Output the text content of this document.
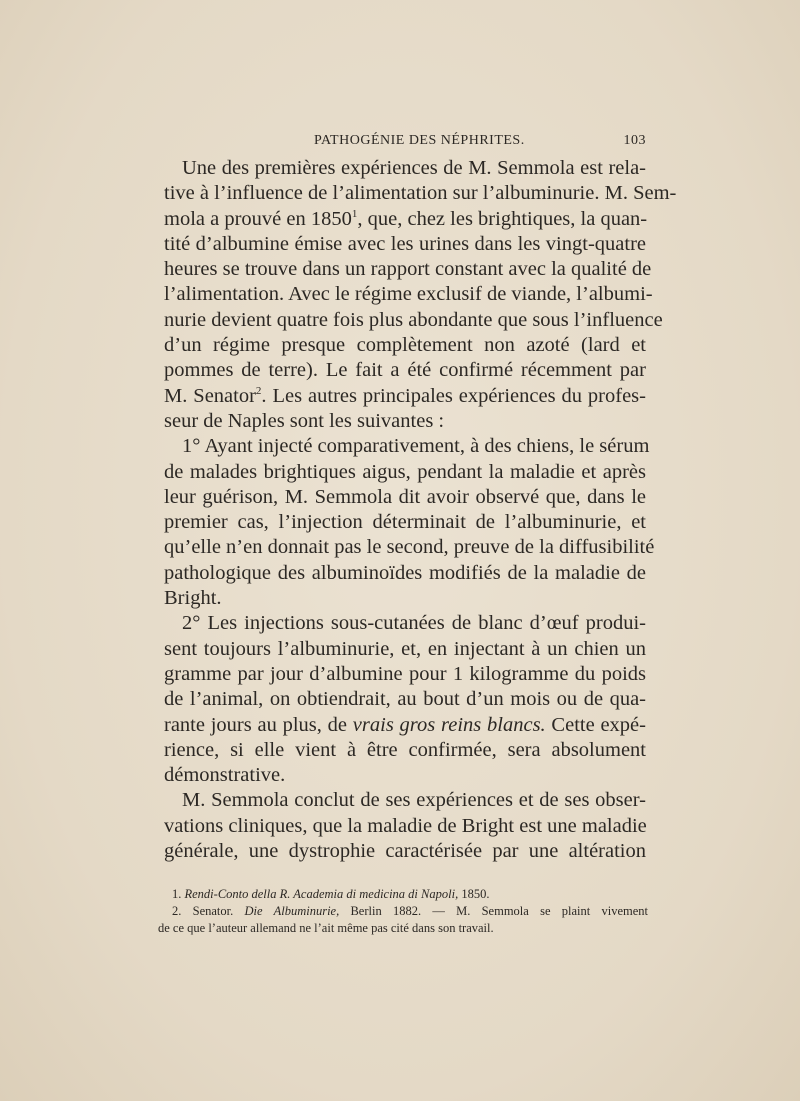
PATHOGÉNIE DES NÉPHRITES.	103
Une des premières expériences de M. Semmola est rela-
tive à l’influence de l’alimentation sur l’albuminurie. M. Sem-
mola a prouvé en 1850$^1$, que, chez les brightiques, la quan-
tité d’albumine émise avec les urines dans les vingt-quatre
heures se trouve dans un rapport constant avec la qualité de
l’alimentation. Avec le régime exclusif de viande, l’albumi-
nurie devient quatre fois plus abondante que sous l’influence
d’un régime presque complètement non azoté (lard et
pommes de terre). Le fait a été confirmé récemment par
M. Senator$^2$. Les autres principales expériences du profes-
seur de Naples sont les suivantes :
1° Ayant injecté comparativement, à des chiens, le sérum
de malades brightiques aigus, pendant la maladie et après
leur guérison, M. Semmola dit avoir observé que, dans le
premier cas, l’injection déterminait de l’albuminurie, et
qu’elle n’en donnait pas le second, preuve de la diffusibilité
pathologique des albuminoïdes modifiés de la maladie de
Bright.
2° Les injections sous-cutanées de blanc d’œuf produi-
sent toujours l’albuminurie, et, en injectant à un chien un
gramme par jour d’albumine pour 1 kilogramme du poids
de l’animal, on obtiendrait, au bout d’un mois ou de qua-
rante jours au plus, de vrais gros reins blancs. Cette expé-
rience, si elle vient à être confirmée, sera absolument
démonstrative.
M. Semmola conclut de ses expériences et de ses obser-
vations cliniques, que la maladie de Bright est une maladie
générale, une dystrophie caractérisée par une altération
1. Rendi-Conto della R. Academia di medicina di Napoli, 1850.
2. Senator. Die Albuminurie, Berlin 1882. — M. Semmola se plaint vivement
de ce que l’auteur allemand ne l’ait même pas cité dans son travail.
